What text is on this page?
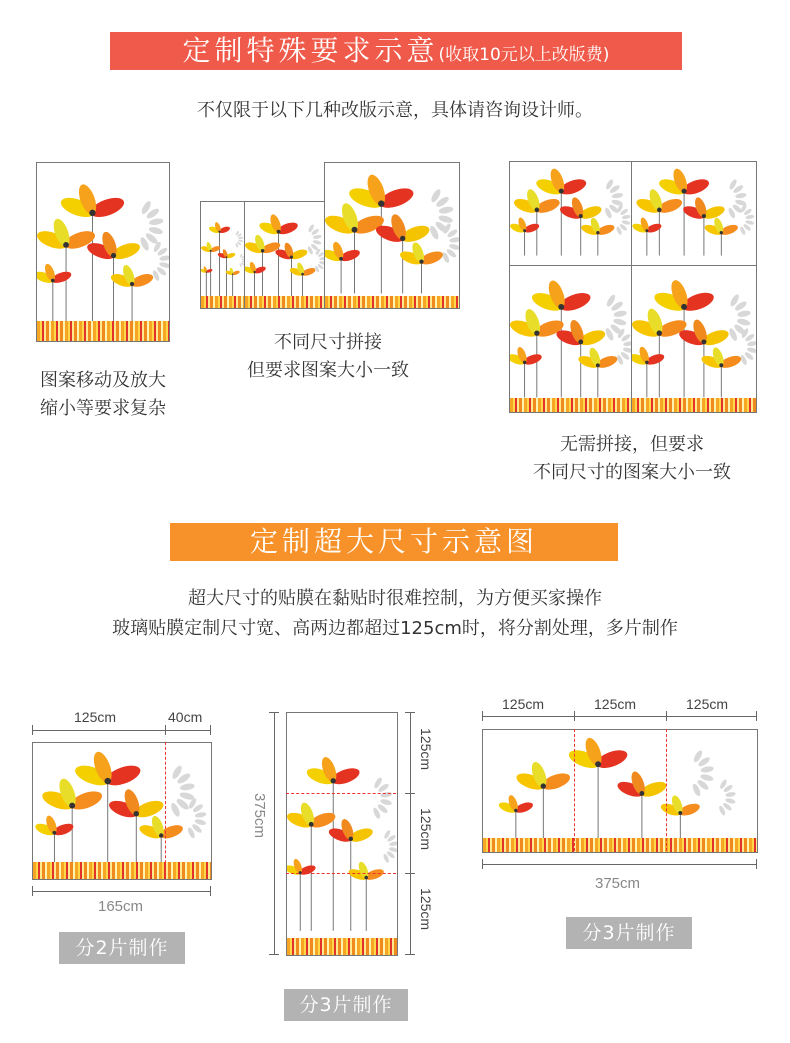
定制特殊要求示意(收取10元以上改版费)
不仅限于以下几种改版示意，具体请咨询设计师。
图案移动及放大
缩小等要求复杂
不同尺寸拼接
但要求图案大小一致
无需拼接，但要求
不同尺寸的图案大小一致
定制超大尺寸示意图
超大尺寸的贴膜在黏贴时很难控制，为方便买家操作
玻璃贴膜定制尺寸宽、高两边都超过125cm时，将分割处理，多片制作
125cm	40cm
165cm
分2片制作
375cm
125cm
125cm
125cm
分3片制作
125cm	125cm	125cm
375cm
分3片制作
